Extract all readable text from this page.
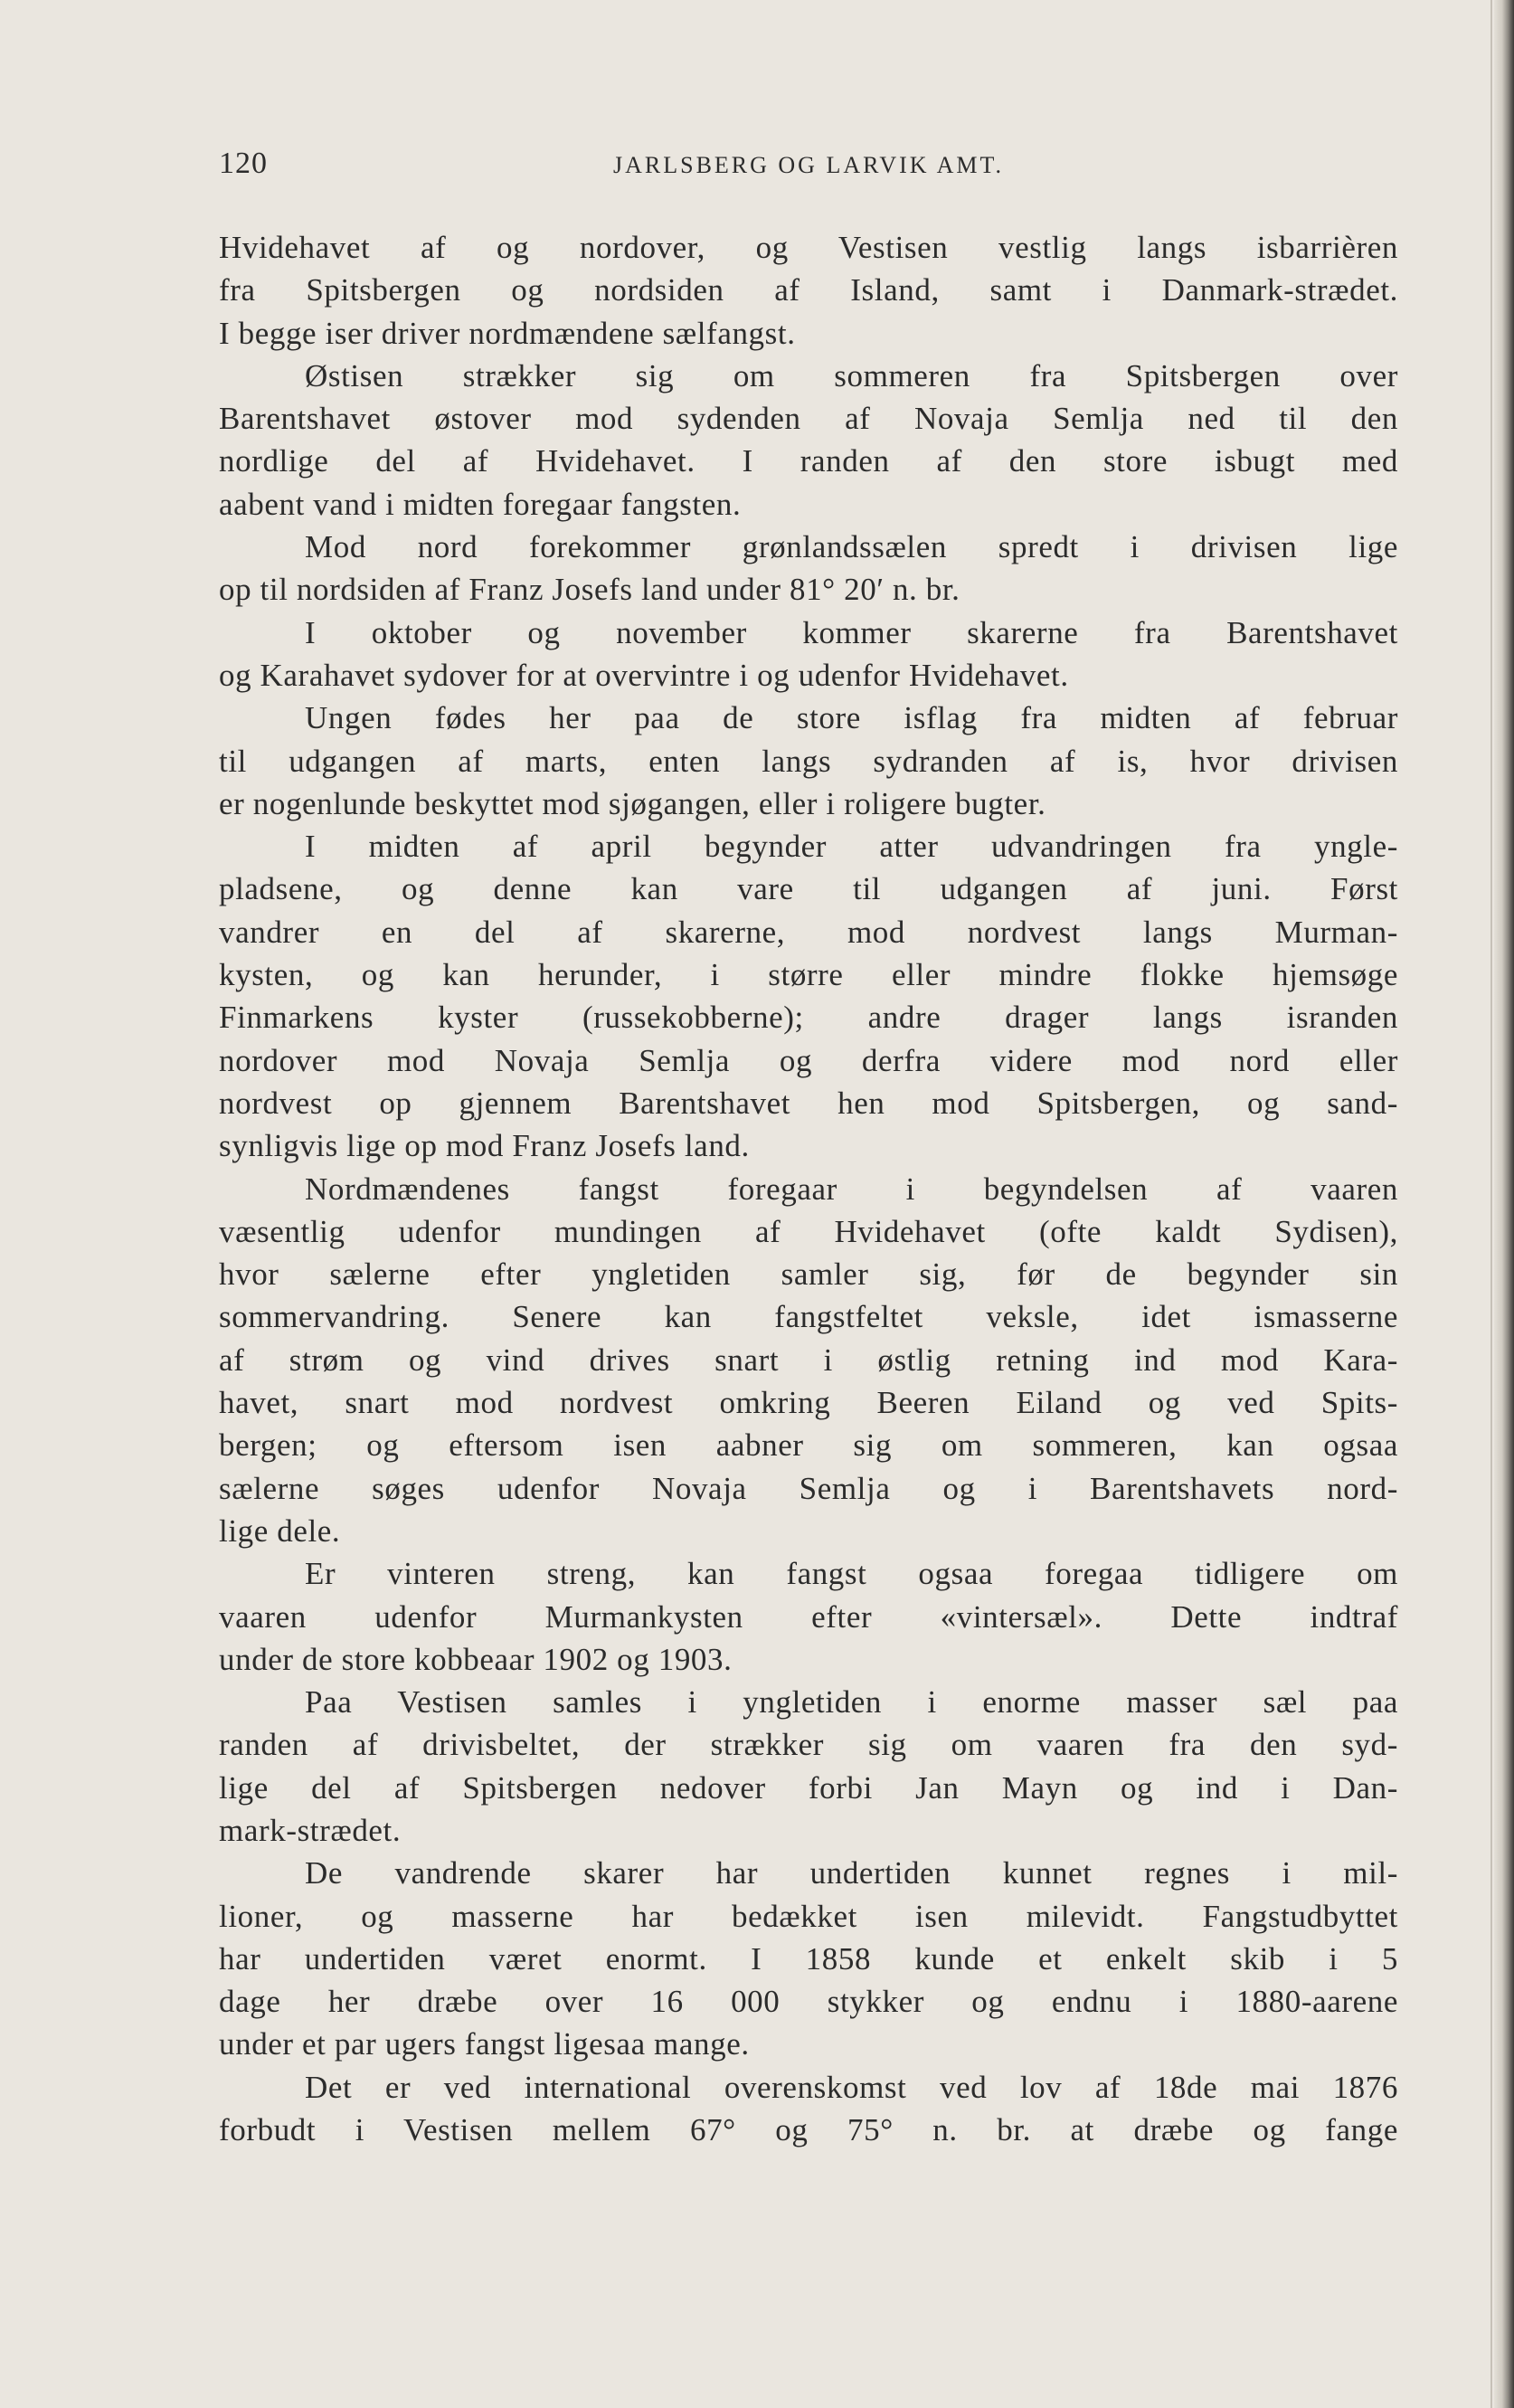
120	JARLSBERG OG LARVIK AMT.
Hvidehavet af og nordover, og Vestisen vestlig langs isbarrièren
fra Spitsbergen og nordsiden af Island, samt i Danmark-strædet.
I begge iser driver nordmændene sælfangst.
Østisen strækker sig om sommeren fra Spitsbergen over
Barentshavet østover mod sydenden af Novaja Semlja ned til den
nordlige del af Hvidehavet. I randen af den store isbugt med
aabent vand i midten foregaar fangsten.
Mod nord forekommer grønlandssælen spredt i drivisen lige
op til nordsiden af Franz Josefs land under 81° 20′ n. br.
I oktober og november kommer skarerne fra Barentshavet
og Karahavet sydover for at overvintre i og udenfor Hvidehavet.
Ungen fødes her paa de store isflag fra midten af februar
til udgangen af marts, enten langs sydranden af is, hvor drivisen
er nogenlunde beskyttet mod sjøgangen, eller i roligere bugter.
I midten af april begynder atter udvandringen fra yngle-
pladsene, og denne kan vare til udgangen af juni. Først
vandrer en del af skarerne, mod nordvest langs Murman-
kysten, og kan herunder, i større eller mindre flokke hjemsøge
Finmarkens kyster (russekobberne); andre drager langs isranden
nordover mod Novaja Semlja og derfra videre mod nord eller
nordvest op gjennem Barentshavet hen mod Spitsbergen, og sand-
synligvis lige op mod Franz Josefs land.
Nordmændenes fangst foregaar i begyndelsen af vaaren
væsentlig udenfor mundingen af Hvidehavet (ofte kaldt Sydisen),
hvor sælerne efter yngletiden samler sig, før de begynder sin
sommervandring. Senere kan fangstfeltet veksle, idet ismasserne
af strøm og vind drives snart i østlig retning ind mod Kara-
havet, snart mod nordvest omkring Beeren Eiland og ved Spits-
bergen; og eftersom isen aabner sig om sommeren, kan ogsaa
sælerne søges udenfor Novaja Semlja og i Barentshavets nord-
lige dele.
Er vinteren streng, kan fangst ogsaa foregaa tidligere om
vaaren udenfor Murmankysten efter «vintersæl». Dette indtraf
under de store kobbeaar 1902 og 1903.
Paa Vestisen samles i yngletiden i enorme masser sæl paa
randen af drivisbeltet, der strækker sig om vaaren fra den syd-
lige del af Spitsbergen nedover forbi Jan Mayn og ind i Dan-
mark-strædet.
De vandrende skarer har undertiden kunnet regnes i mil-
lioner, og masserne har bedækket isen milevidt. Fangstudbyttet
har undertiden været enormt. I 1858 kunde et enkelt skib i 5
dage her dræbe over 16 000 stykker og endnu i 1880-aarene
under et par ugers fangst ligesaa mange.
Det er ved international overenskomst ved lov af 18de mai 1876
forbudt i Vestisen mellem 67° og 75° n. br. at dræbe og fange
